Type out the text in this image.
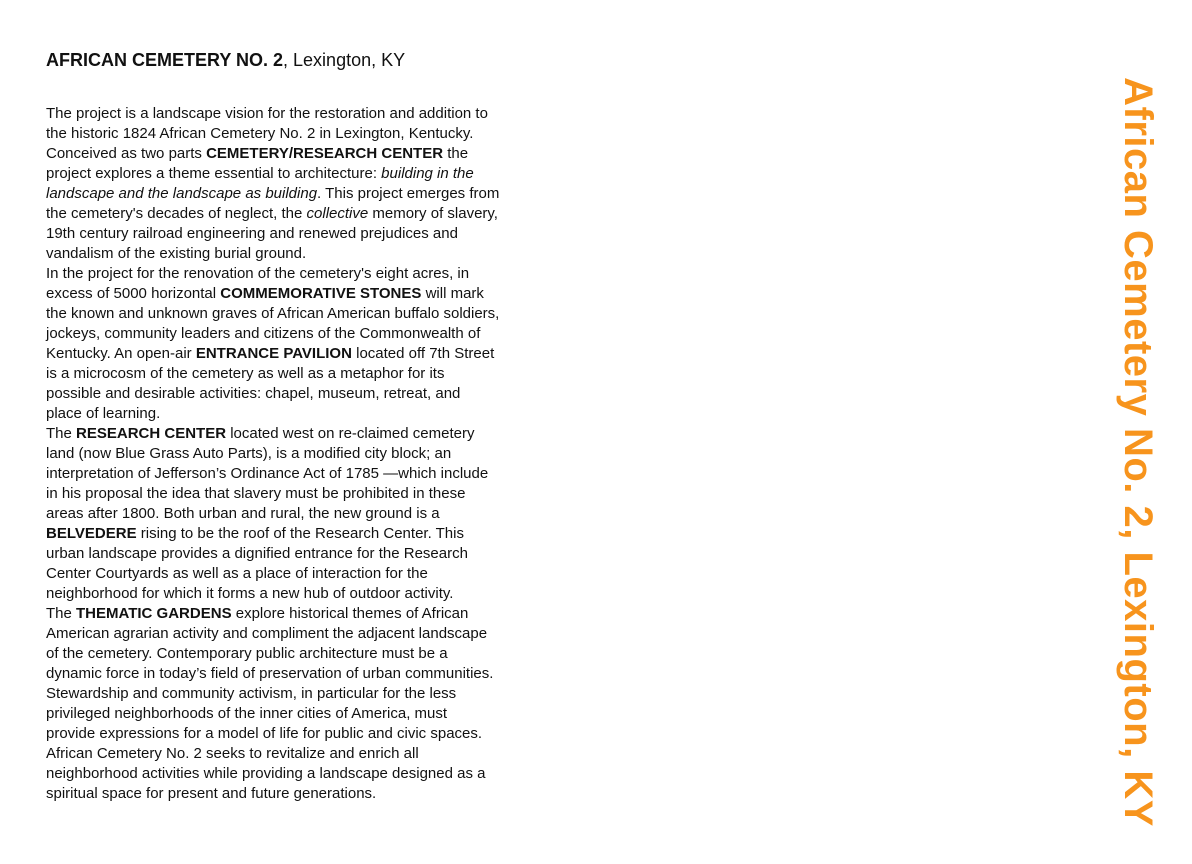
AFRICAN CEMETERY NO. 2, Lexington, KY
The project is a landscape vision for the restoration and addition to
the historic 1824 African Cemetery No. 2 in Lexington, Kentucky.
Conceived as two parts CEMETERY/RESEARCH CENTER the
project explores a theme essential to architecture: building in the
landscape and the landscape as building. This project emerges from
the cemetery's decades of neglect, the collective memory of slavery,
19th century railroad engineering and renewed prejudices and
vandalism of the existing burial ground.
In the project for the renovation of the cemetery's eight acres, in
excess of 5000 horizontal COMMEMORATIVE STONES will mark
the known and unknown graves of African American buffalo soldiers,
jockeys, community leaders and citizens of the Commonwealth of
Kentucky. An open-air ENTRANCE PAVILION located off 7th Street
is a microcosm of the cemetery as well as a metaphor for its
possible and desirable activities: chapel, museum, retreat, and
place of learning.
The RESEARCH CENTER located west on re-claimed cemetery
land (now Blue Grass Auto Parts), is a modified city block; an
interpretation of Jefferson’s Ordinance Act of 1785 —which include
in his proposal the idea that slavery must be prohibited in these
areas after 1800. Both urban and rural, the new ground is a
BELVEDERE rising to be the roof of the Research Center. This
urban landscape provides a dignified entrance for the Research
Center Courtyards as well as a place of interaction for the
neighborhood for which it forms a new hub of outdoor activity.
The THEMATIC GARDENS explore historical themes of African
American agrarian activity and compliment the adjacent landscape
of the cemetery. Contemporary public architecture must be a
dynamic force in today’s field of preservation of urban communities.
Stewardship and community activism, in particular for the less
privileged neighborhoods of the inner cities of America, must
provide expressions for a model of life for public and civic spaces.
African Cemetery No. 2 seeks to revitalize and enrich all
neighborhood activities while providing a landscape designed as a
spiritual space for present and future generations.	African Cemetery No. 2, Lexington, KY
